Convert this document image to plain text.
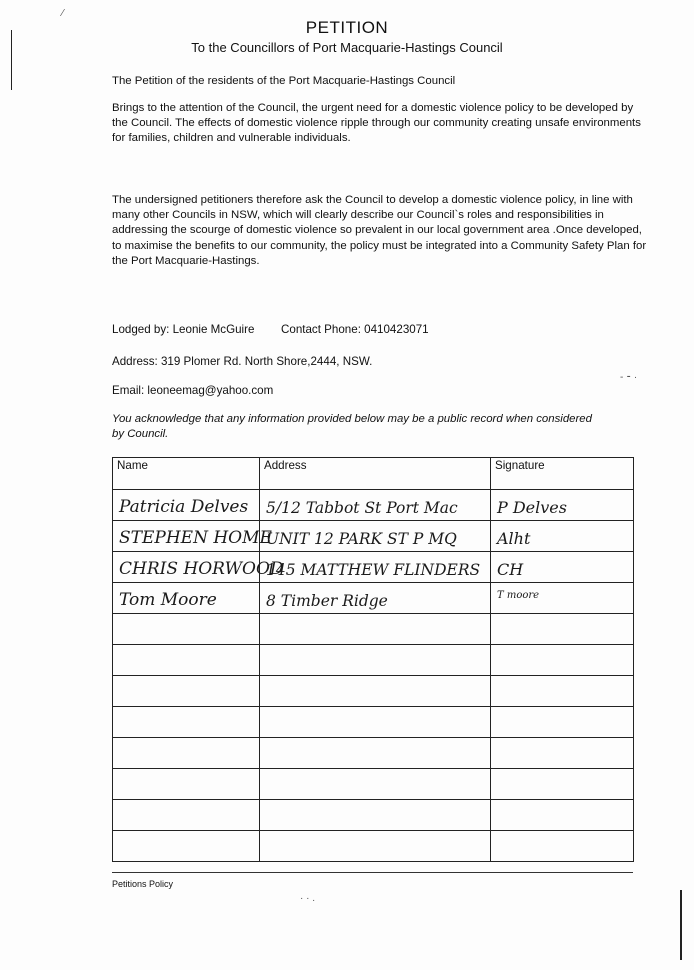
PETITION
To the Councillors of Port Macquarie-Hastings Council
The Petition of the residents of the Port Macquarie-Hastings Council
Brings to the attention of the Council, the urgent need for a domestic violence policy to be developed by the Council. The effects of domestic violence ripple through our community creating unsafe environments for families, children and vulnerable individuals.
The undersigned petitioners therefore ask the Council to develop a domestic violence policy, in line with many other Councils in NSW, which will clearly describe our Council`s roles and responsibilities in addressing the scourge of domestic violence so prevalent in our local government area .Once developed, to maximise the benefits to our community, the policy must be integrated into a Community Safety Plan for the Port Macquarie-Hastings.
Lodged by: Leonie McGuire Contact Phone: 0410423071
Address: 319 Plomer Rd. North Shore,2444, NSW.
Email: leoneemag@yahoo.com
You acknowledge that any information provided below may be a public record when considered by Council.
Name	Address	Signature

Patricia Delves	5/12 Tabbot St Port Mac	P Delves

STEPHEN HOME	UNIT 12 PARK ST P MQ	Alht

CHRIS HORWOOD	145 MATTHEW FLINDERS	CH

Tom Moore	8 Timber Ridge	T moore

Petitions Policy
⁄
· · .
- ⁃ ·
